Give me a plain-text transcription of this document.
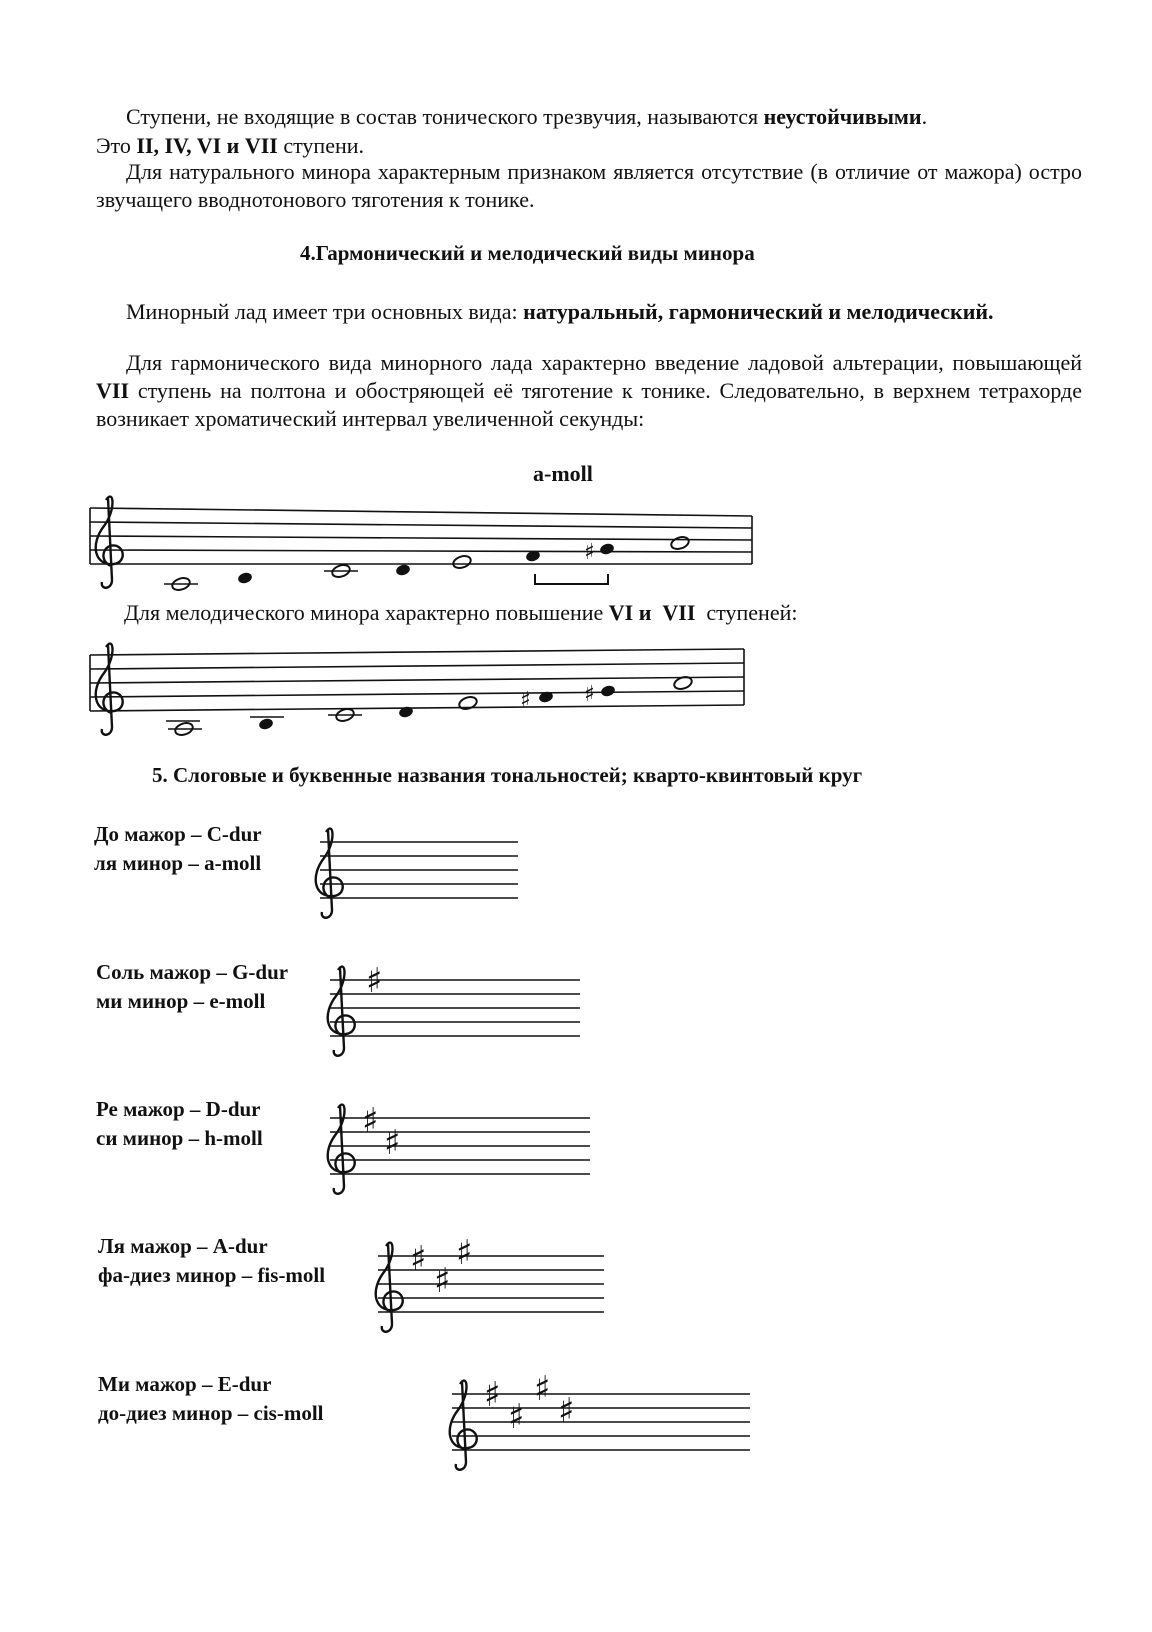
Ступени, не входящие в состав тонического трезвучия, называются неустойчивыми.

Это II, IV, VI и VII ступени.

Для натурального минора характерным признаком является отсутствие (в отличие от мажора) остро звучащего вводнотонового тяготения к тонике.

4.Гармонический и мелодический виды минора

Минорный лад имеет три основных вида: натуральный, гармонический и мелодический.

Для гармонического вида минорного лада характерно введение ладовой альтерации, повышающей VII ступень на полтона и обостряющей её тяготение к тонике. Следовательно, в верхнем тетрахорде возникает хроматический интервал увеличенной секунды:

a-moll
♯
Для мелодического минора характерно повышение VI и VII  ступеней:
♯ ♯
5. Слоговые и буквенные названия тональностей; кварто-квинтовый круг
До мажор – C-dur
ля минор – a-moll
Соль мажор – G-dur
ми минор – e-moll	♯
Ре мажор – D-dur
си минор – h-moll	♯
♯
Ля мажор – A-dur
фа-диез минор – fis-moll ♯
♯
♯
Ми мажор – E-dur
до-диез минор – cis-moll	♯
♯
♯
♯
